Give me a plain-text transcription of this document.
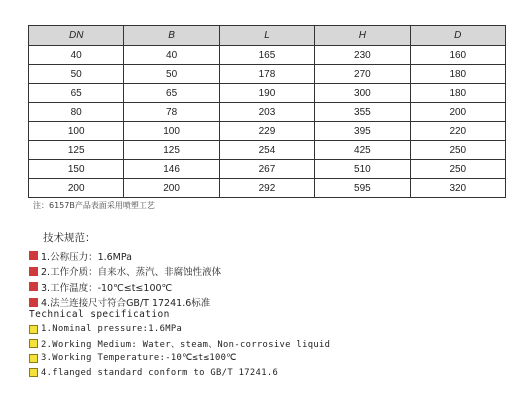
DN	B	L	H	D
40	40	165	230	160
50	50	178	270	180
65	65	190	300	180
80	78	203	355	200
100	100	229	395	220
125	125	254	425	250
150	146	267	510	250
200	200	292	595	320
注：6157B产品表面采用喷塑工艺
技术规范：
1.公称压力：1.6MPa
2.工作介质：自来水、蒸汽、非腐蚀性液体
3.工作温度：-10℃≤t≤100℃
4.法兰连接尺寸符合GB/T 17241.6标准
Technical specification
1.Nominal pressure:1.6MPa
2.Working Medium: Water、steam、Non-corrosive liquid
3.Working Temperature:-10℃≤t≤100℃
4.flanged standard conform to GB/T 17241.6
